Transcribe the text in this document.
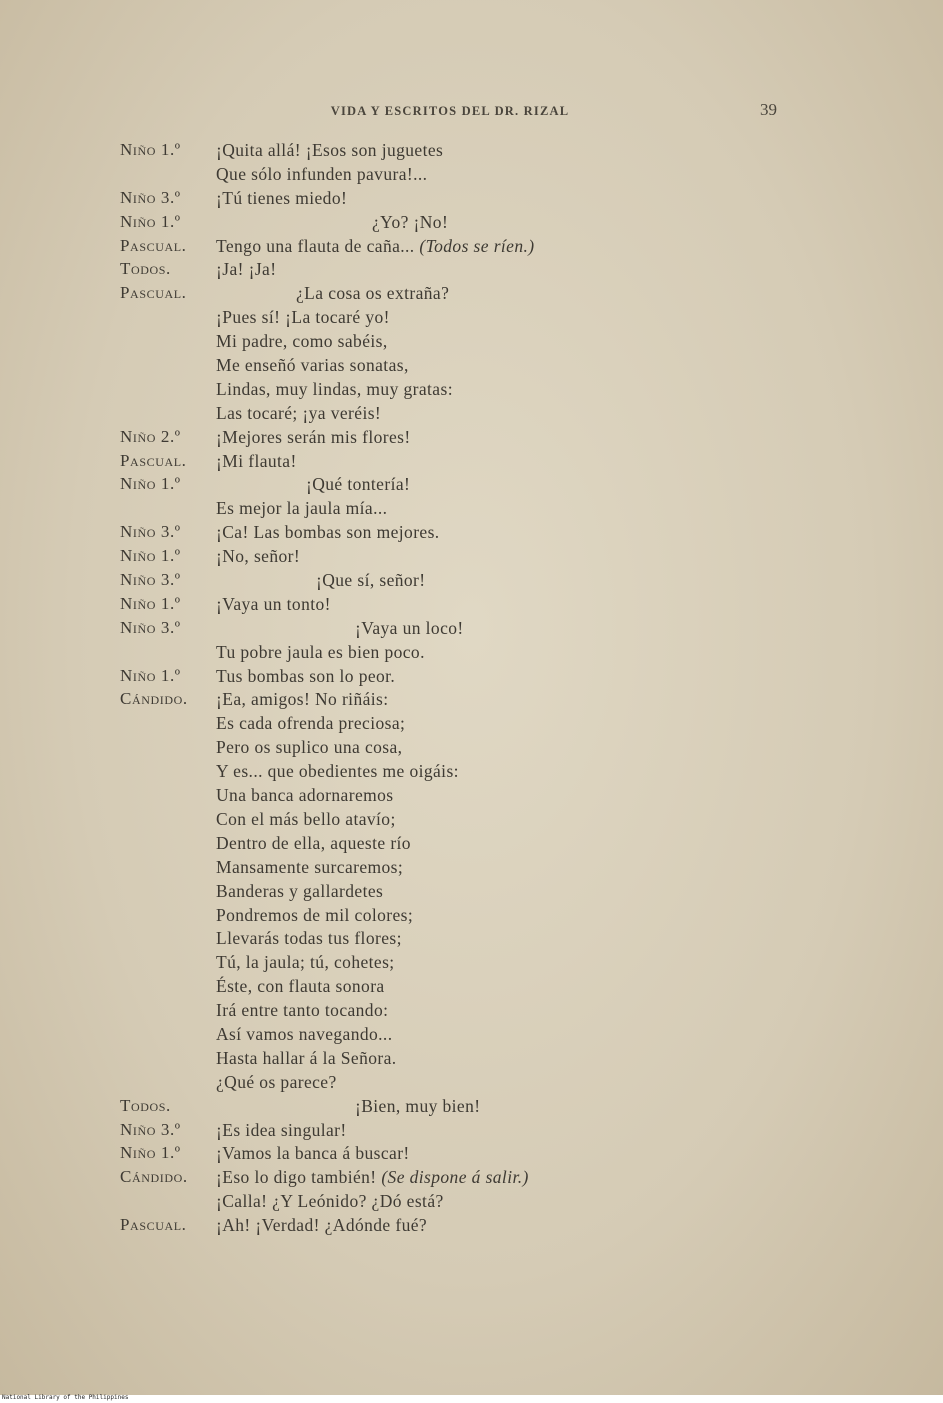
VIDA Y ESCRITOS DEL DR. RIZAL	39
Niño 1.º ¡Quita allá! ¡Esos son juguetes
Que sólo infunden pavura!...
Niño 3.º ¡Tú tienes miedo!
Niño 1.º	¿Yo? ¡No!
Pascual. Tengo una flauta de caña... (Todos se ríen.)
Todos.	¡Ja! ¡Ja!
Pascual.	¿La cosa os extraña?
¡Pues sí! ¡La tocaré yo!
Mi padre, como sabéis,
Me enseñó varias sonatas,
Lindas, muy lindas, muy gratas:
Las tocaré; ¡ya veréis!
Niño 2.º ¡Mejores serán mis flores!
Pascual. ¡Mi flauta!
Niño 1.º	¡Qué tontería!
Es mejor la jaula mía...
Niño 3.º ¡Ca! Las bombas son mejores.
Niño 1.º ¡No, señor!
Niño 3.º	¡Que sí, señor!
Niño 1.º ¡Vaya un tonto!
Niño 3.º	¡Vaya un loco!
Tu pobre jaula es bien poco.
Niño 1.º Tus bombas son lo peor.
Cándido. ¡Ea, amigos! No riñáis:
Es cada ofrenda preciosa;
Pero os suplico una cosa,
Y es... que obedientes me oigáis:
Una banca adornaremos
Con el más bello atavío;
Dentro de ella, aqueste río
Mansamente surcaremos;
Banderas y gallardetes
Pondremos de mil colores;
Llevarás todas tus flores;
Tú, la jaula; tú, cohetes;
Éste, con flauta sonora
Irá entre tanto tocando:
Así vamos navegando...
Hasta hallar á la Señora.
¿Qué os parece?
Todos.	¡Bien, muy bien!
Niño 3.º ¡Es idea singular!
Niño 1.º ¡Vamos la banca á buscar!
Cándido. ¡Eso lo digo también! (Se dispone á salir.)
¡Calla! ¿Y Leónido? ¿Dó está?
Pascual. ¡Ah! ¡Verdad! ¿Adónde fué?
National Library of the Philippines
